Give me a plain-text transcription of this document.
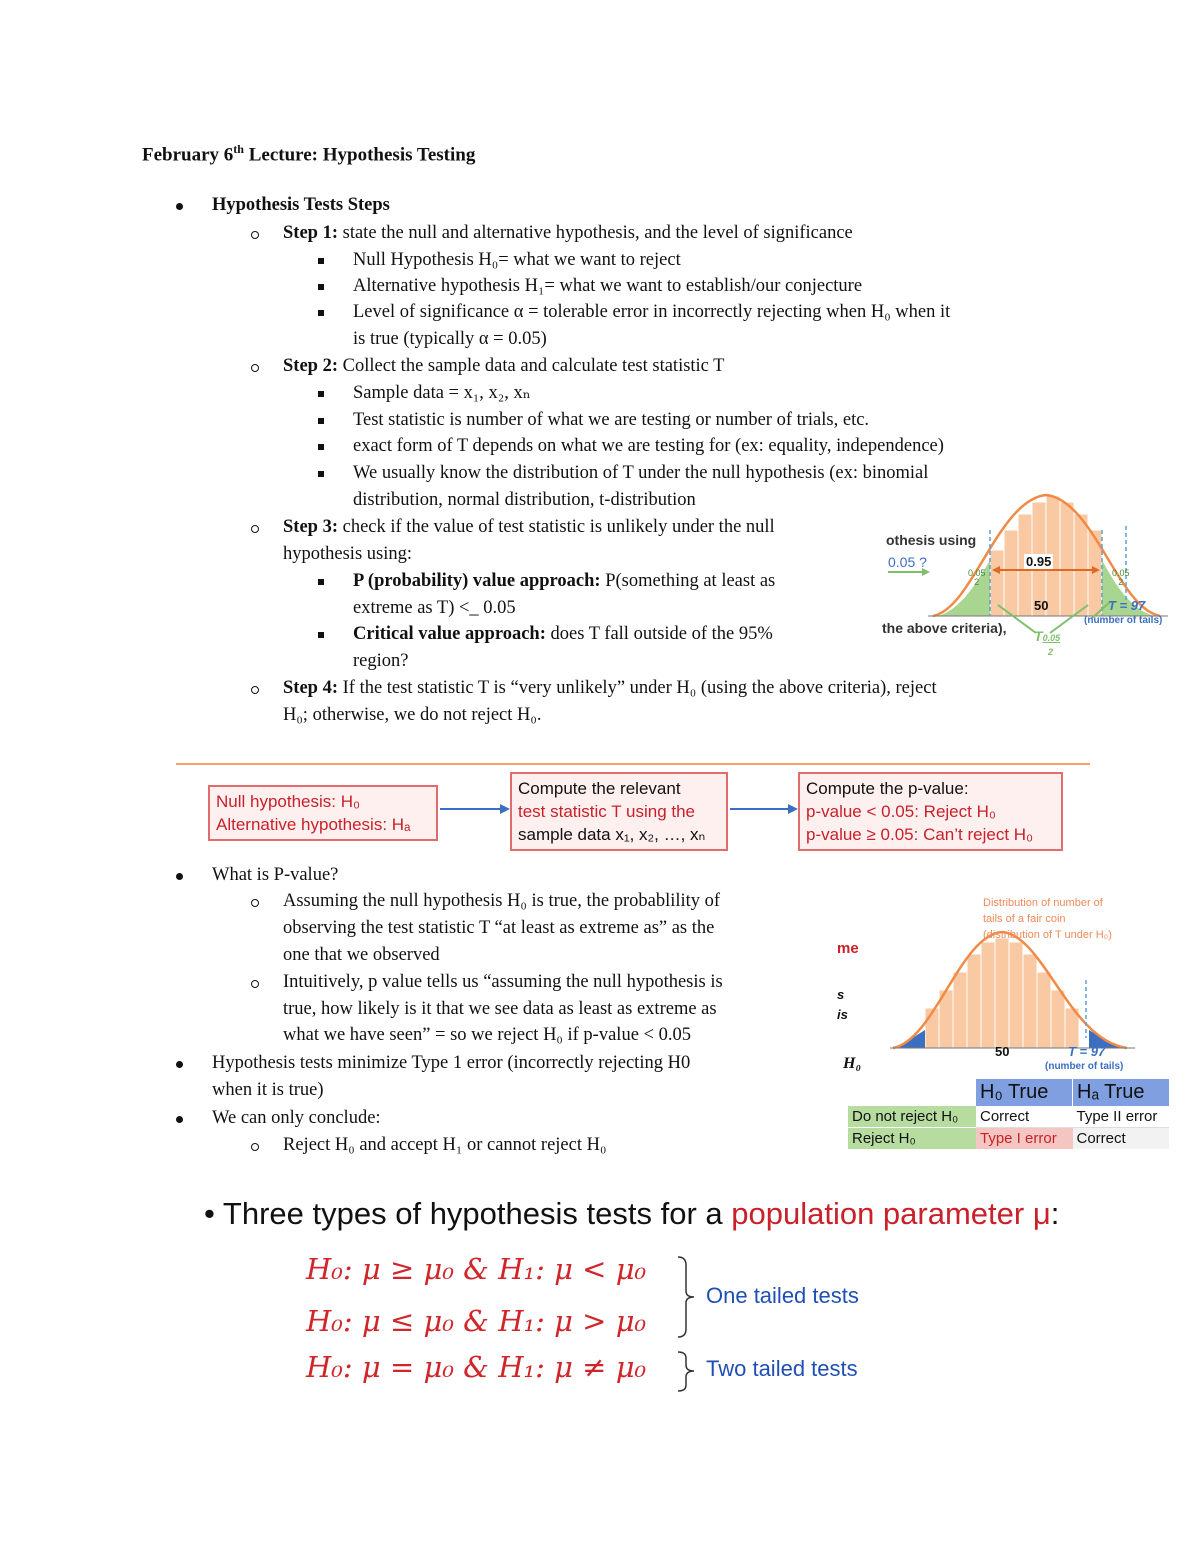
February 6th Lecture: Hypothesis Testing
Hypothesis Tests Steps
Step 1: state the null and alternative hypothesis, and the level of significance
Null Hypothesis H₀= what we want to reject
Alternative hypothesis H₁= what we want to establish/our conjecture
Level of significance α = tolerable error in incorrectly rejecting when H₀ when it
is true (typically α = 0.05)
Step 2: Collect the sample data and calculate test statistic T
Sample data = x₁, x₂, xₙ
Test statistic is number of what we are testing or number of trials, etc.
exact form of T depends on what we are testing for (ex: equality, independence)
We usually know the distribution of T under the null hypothesis (ex: binomial
distribution, normal distribution, t-distribution
Step 3: check if the value of test statistic is unlikely under the null
hypothesis using:
P (probability) value approach: P(something at least as
extreme as T) <_ 0.05
Critical value approach: does T fall outside of the 95%
region?
Step 4: If the test statistic T is “very unlikely” under H₀ (using the above criteria), reject
H₀; otherwise, we do not reject H₀.
othesis using
0.05 ?
the above criteria),
0.95
0.05
2
0.05
2
50	T = 97
(number of tails)
T0.05
2
Null hypothesis: H₀
Alternative hypothesis: Hₐ
Compute the relevant
test statistic T using the
sample data x₁, x₂, …, xₙ
Compute the p-value:
p-value < 0.05: Reject H₀
p-value ≥ 0.05: Can’t reject H₀
What is P-value?
Assuming the null hypothesis H₀ is true, the probablility of
observing the test statistic T “at least as extreme as” as the
one that we observed
Intuitively, p value tells us “assuming the null hypothesis is
true, how likely is it that we see data as least as extreme as
what we have seen” = so we reject H₀ if p-value < 0.05
Hypothesis tests minimize Type 1 error (incorrectly rejecting H0
when it is true)
We can only conclude:
Reject H₀ and accept H₁ or cannot reject H₀
Distribution of number of
tails of a fair coin
(distribution of T under H₀)
me
s
is
H₀
50	T = 97
(number of tails)
	H₀ True	Hₐ True
Do not reject H₀	Correct	Type II error
Reject H₀	Type I error	Correct
• Three types of hypothesis tests for a population parameter μ:
H₀: μ ≥ μ₀ & H₁: μ < μ₀
H₀: μ ≤ μ₀ & H₁: μ > μ₀
H₀: μ = μ₀ & H₁: μ ≠ μ₀
One tailed tests
Two tailed tests
